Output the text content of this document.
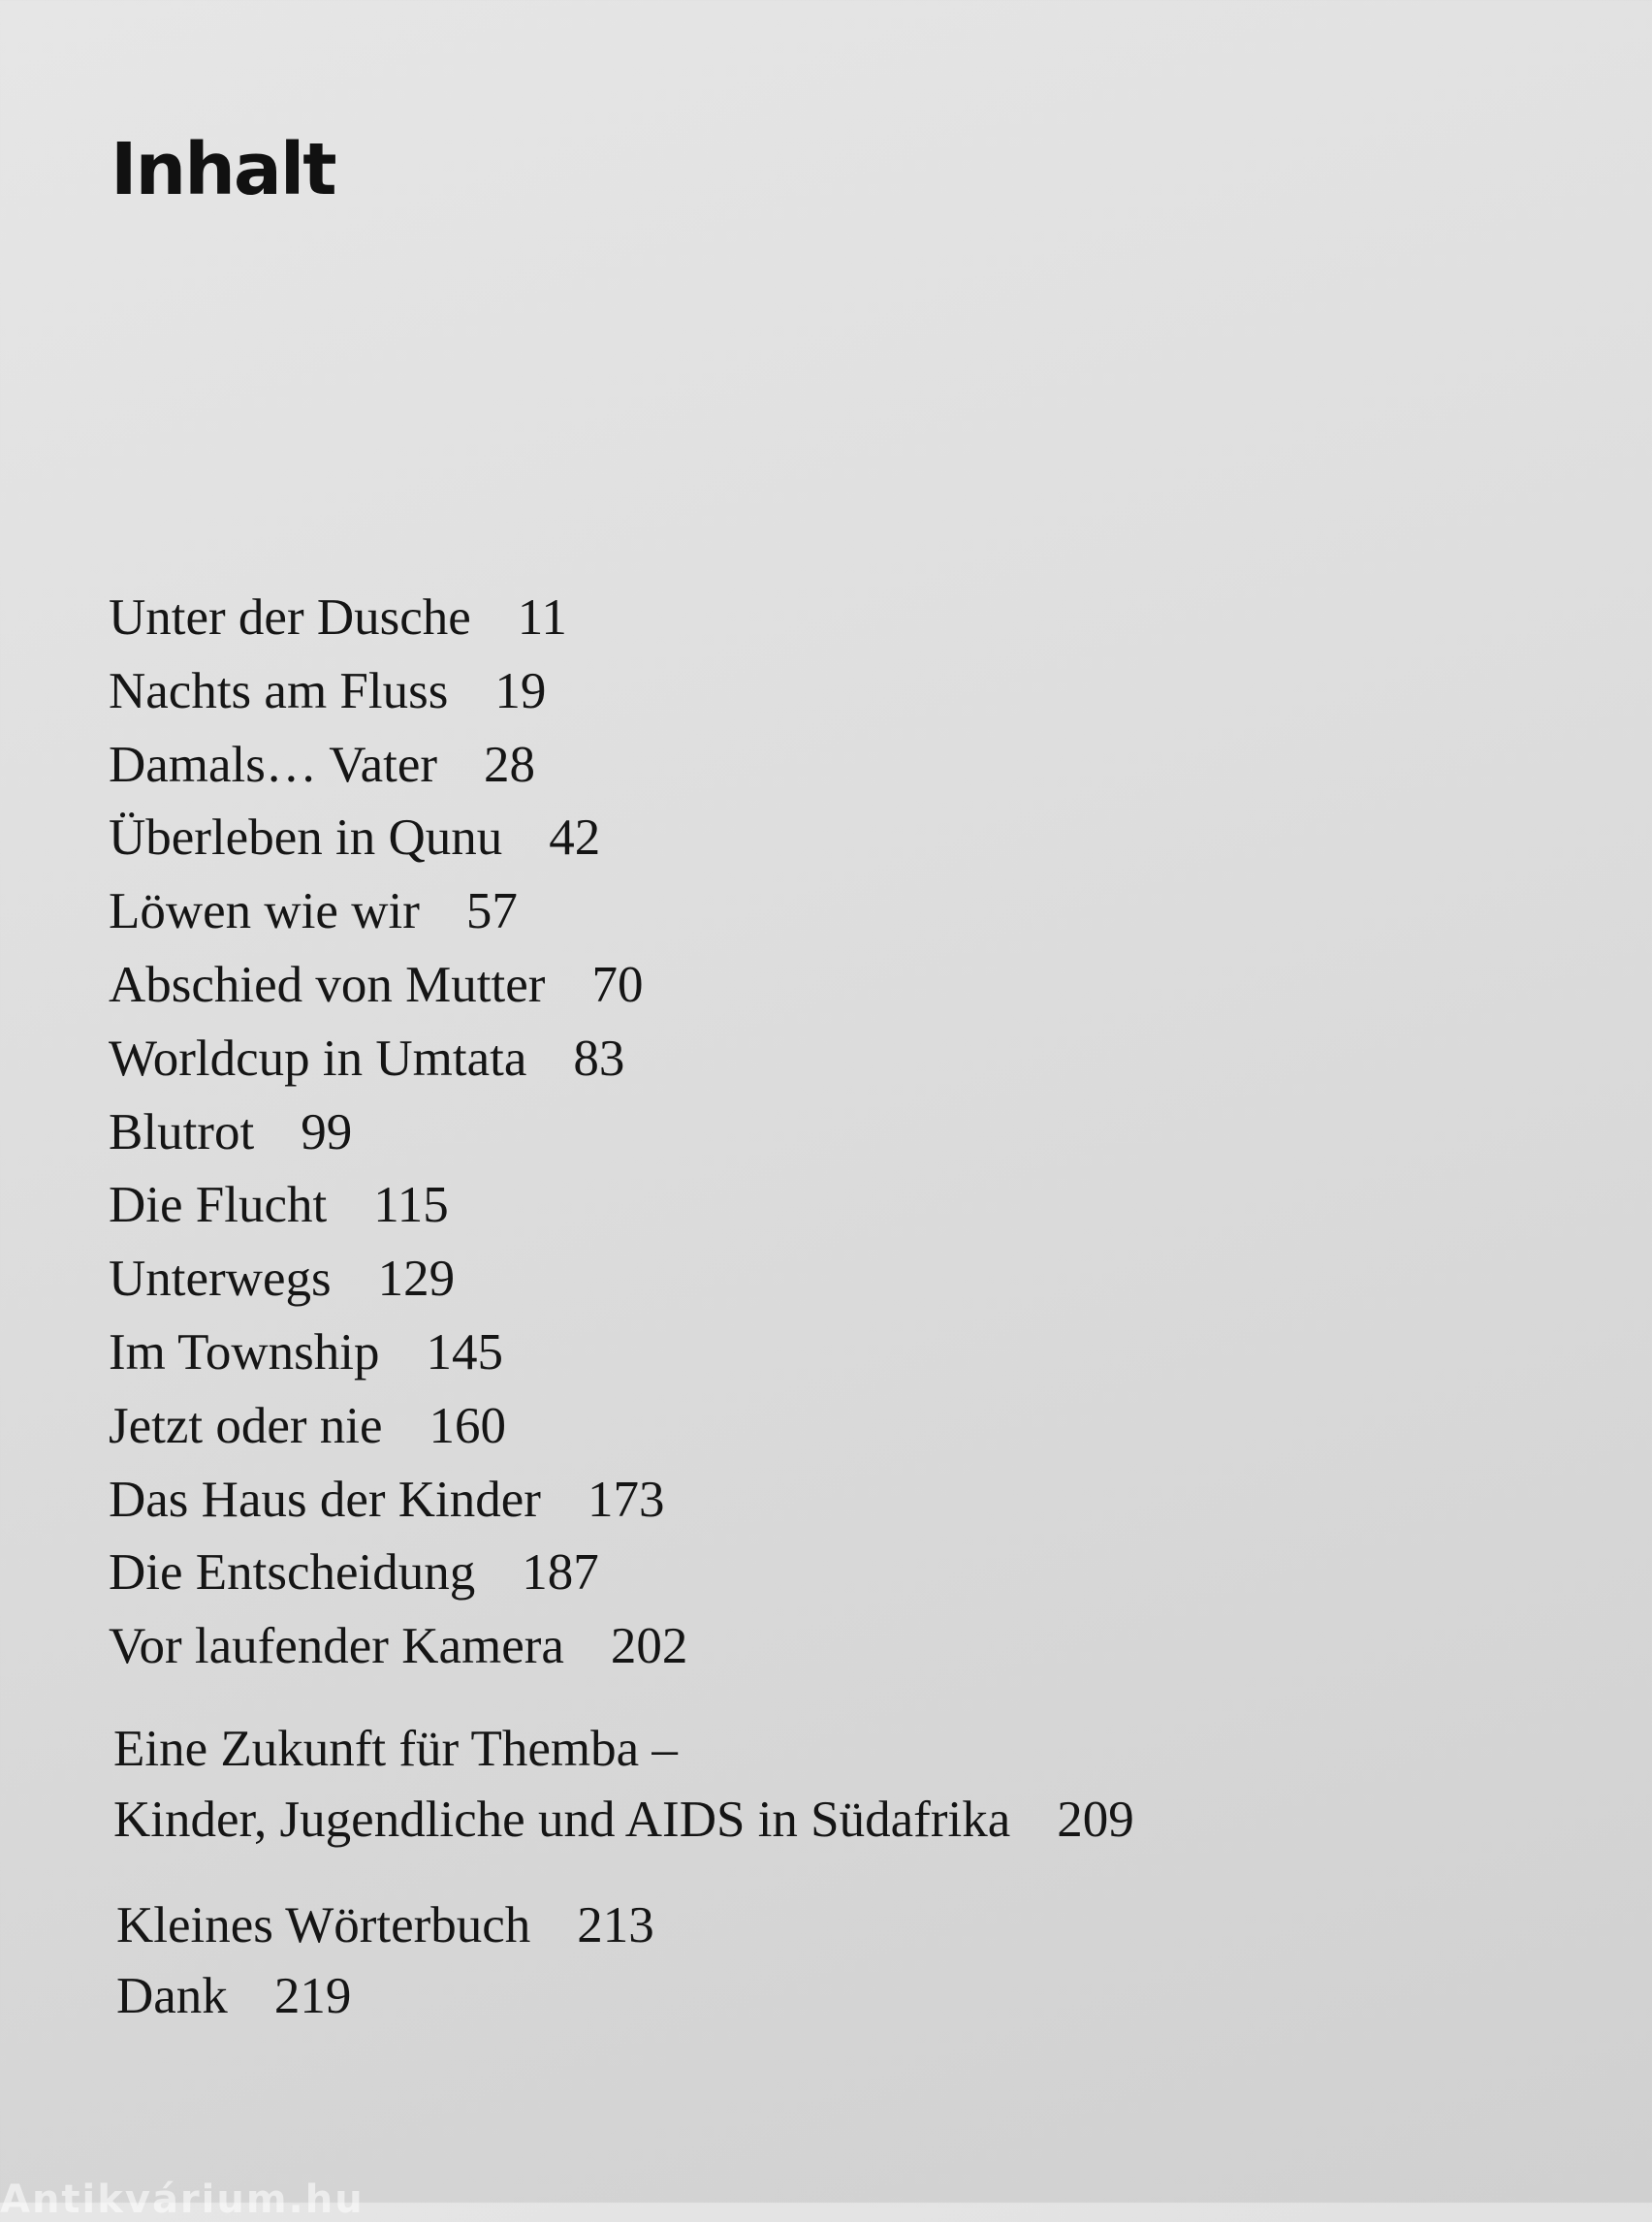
Inhalt
Unter der Dusche 11
Nachts am Fluss 19
Damals… Vater 28
Überleben in Qunu 42
Löwen wie wir 57
Abschied von Mutter 70
Worldcup in Umtata 83
Blutrot 99
Die Flucht 115
Unterwegs 129
Im Township 145
Jetzt oder nie 160
Das Haus der Kinder 173
Die Entscheidung 187
Vor laufender Kamera 202
Eine Zukunft für Themba –
Kinder, Jugendliche und AIDS in Südafrika 209
Kleines Wörterbuch 213
Dank 219
Antikvárium.hu
